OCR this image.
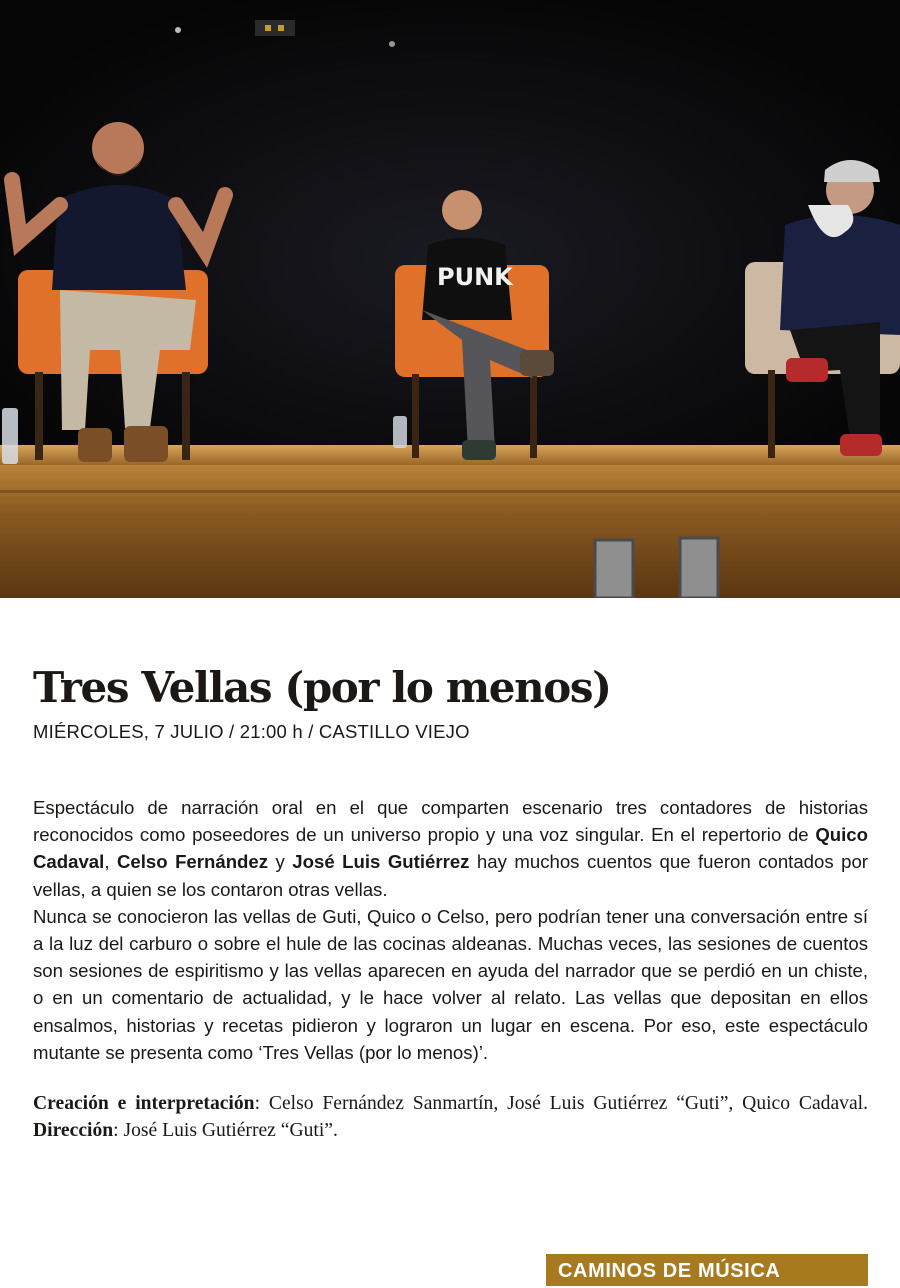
PUNK
Tres Vellas (por lo menos)
MIÉRCOLES, 7 JULIO / 21:00 h / CASTILLO VIEJO

Espectáculo de narración oral en el que comparten escenario tres contadores de historias reconocidos como poseedores de un universo propio y una voz singular. En el repertorio de Quico Cadaval, Celso Fernández y José Luis Gutiérrez hay muchos cuentos que fueron contados por vellas, a quien se los contaron otras vellas.

Nunca se conocieron las vellas de Guti, Quico o Celso, pero podrían tener una conversación entre sí a la luz del carburo o sobre el hule de las cocinas aldeanas. Muchas veces, las sesiones de cuentos son sesiones de espiritismo y las vellas aparecen en ayuda del narrador que se perdió en un chiste, o en un comentario de actualidad, y le hace volver al relato. Las vellas que depositan en ellos ensalmos, historias y recetas pidieron y lograron un lugar en escena. Por eso, este espectáculo mutante se presenta como ‘Tres Vellas (por lo menos)’.

Creación e interpretación: Celso Fernández Sanmartín, José Luis Gutiérrez “Guti”, Quico Cadaval. Dirección: José Luis Gutiérrez “Guti”.
CAMINOS DE MÚSICA
